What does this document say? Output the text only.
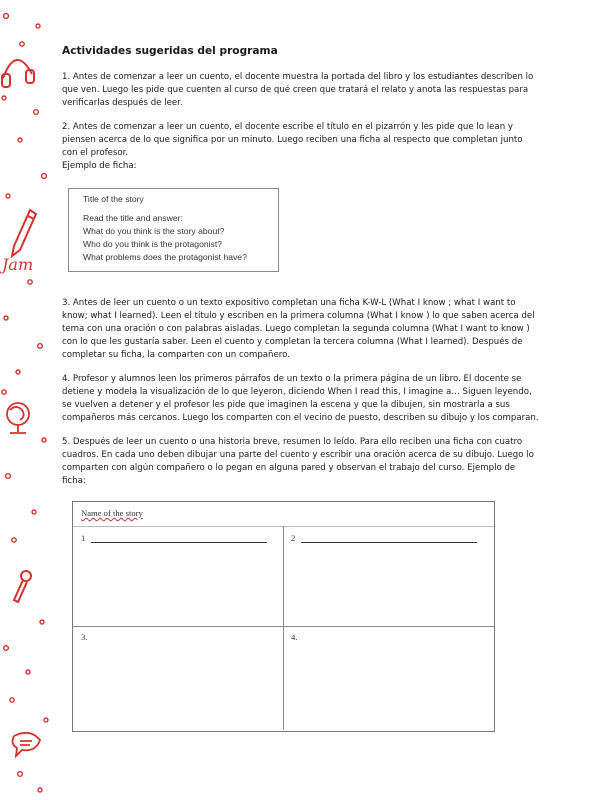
Jam
Actividades sugeridas del programa

1. Antes de comenzar a leer un cuento, el docente muestra la portada del libro y los estudiantes describen lo que ven. Luego les pide que cuenten al curso de qué creen que tratará el relato y anota las respuestas para verificarlas después de leer.

2. Antes de comenzar a leer un cuento, el docente escribe el título en el pizarrón y les pide que lo lean y piensen acerca de lo que significa por un minuto. Luego reciben una ficha al respecto que completan junto con el profesor.

Ejemplo de ficha:

3. Antes de leer un cuento o un texto expositivo completan una ficha K-W-L (What I know ; what I want to know; what I learned). Leen el título y escriben en la primera columna (What I know ) lo que saben acerca del tema con una oración o con palabras aisladas. Luego completan la segunda columna (What I want to know ) con lo que les gustaría saber. Leen el cuento y completan la tercera columna (What I learned). Después de completar su ficha, la comparten con un compañero.

4. Profesor y alumnos leen los primeros párrafos de un texto o la primera página de un libro. El docente se detiene y modela la visualización de lo que leyeron, diciendo When I read this, I imagine a… Siguen leyendo, se vuelven a detener y el profesor les pide que imaginen la escena y que la dibujen, sin mostrarla a sus compañeros más cercanos. Luego los comparten con el vecino de puesto, describen su dibujo y los comparan.

5. Después de leer un cuento o una historia breve, resumen lo leído. Para ello reciben una ficha con cuatro cuadros. En cada uno deben dibujar una parte del cuento y escribir una oración acerca de su dibujo. Luego lo comparten con algún compañero o lo pegan en alguna pared y observan el trabajo del curso. Ejemplo de ficha:

Title of the story
Read the title and answer:
What do you think is the story about?
Who do you think is the protagonist?
What problems does the protagonist have?
Name of the story
1	2
3.	4.
